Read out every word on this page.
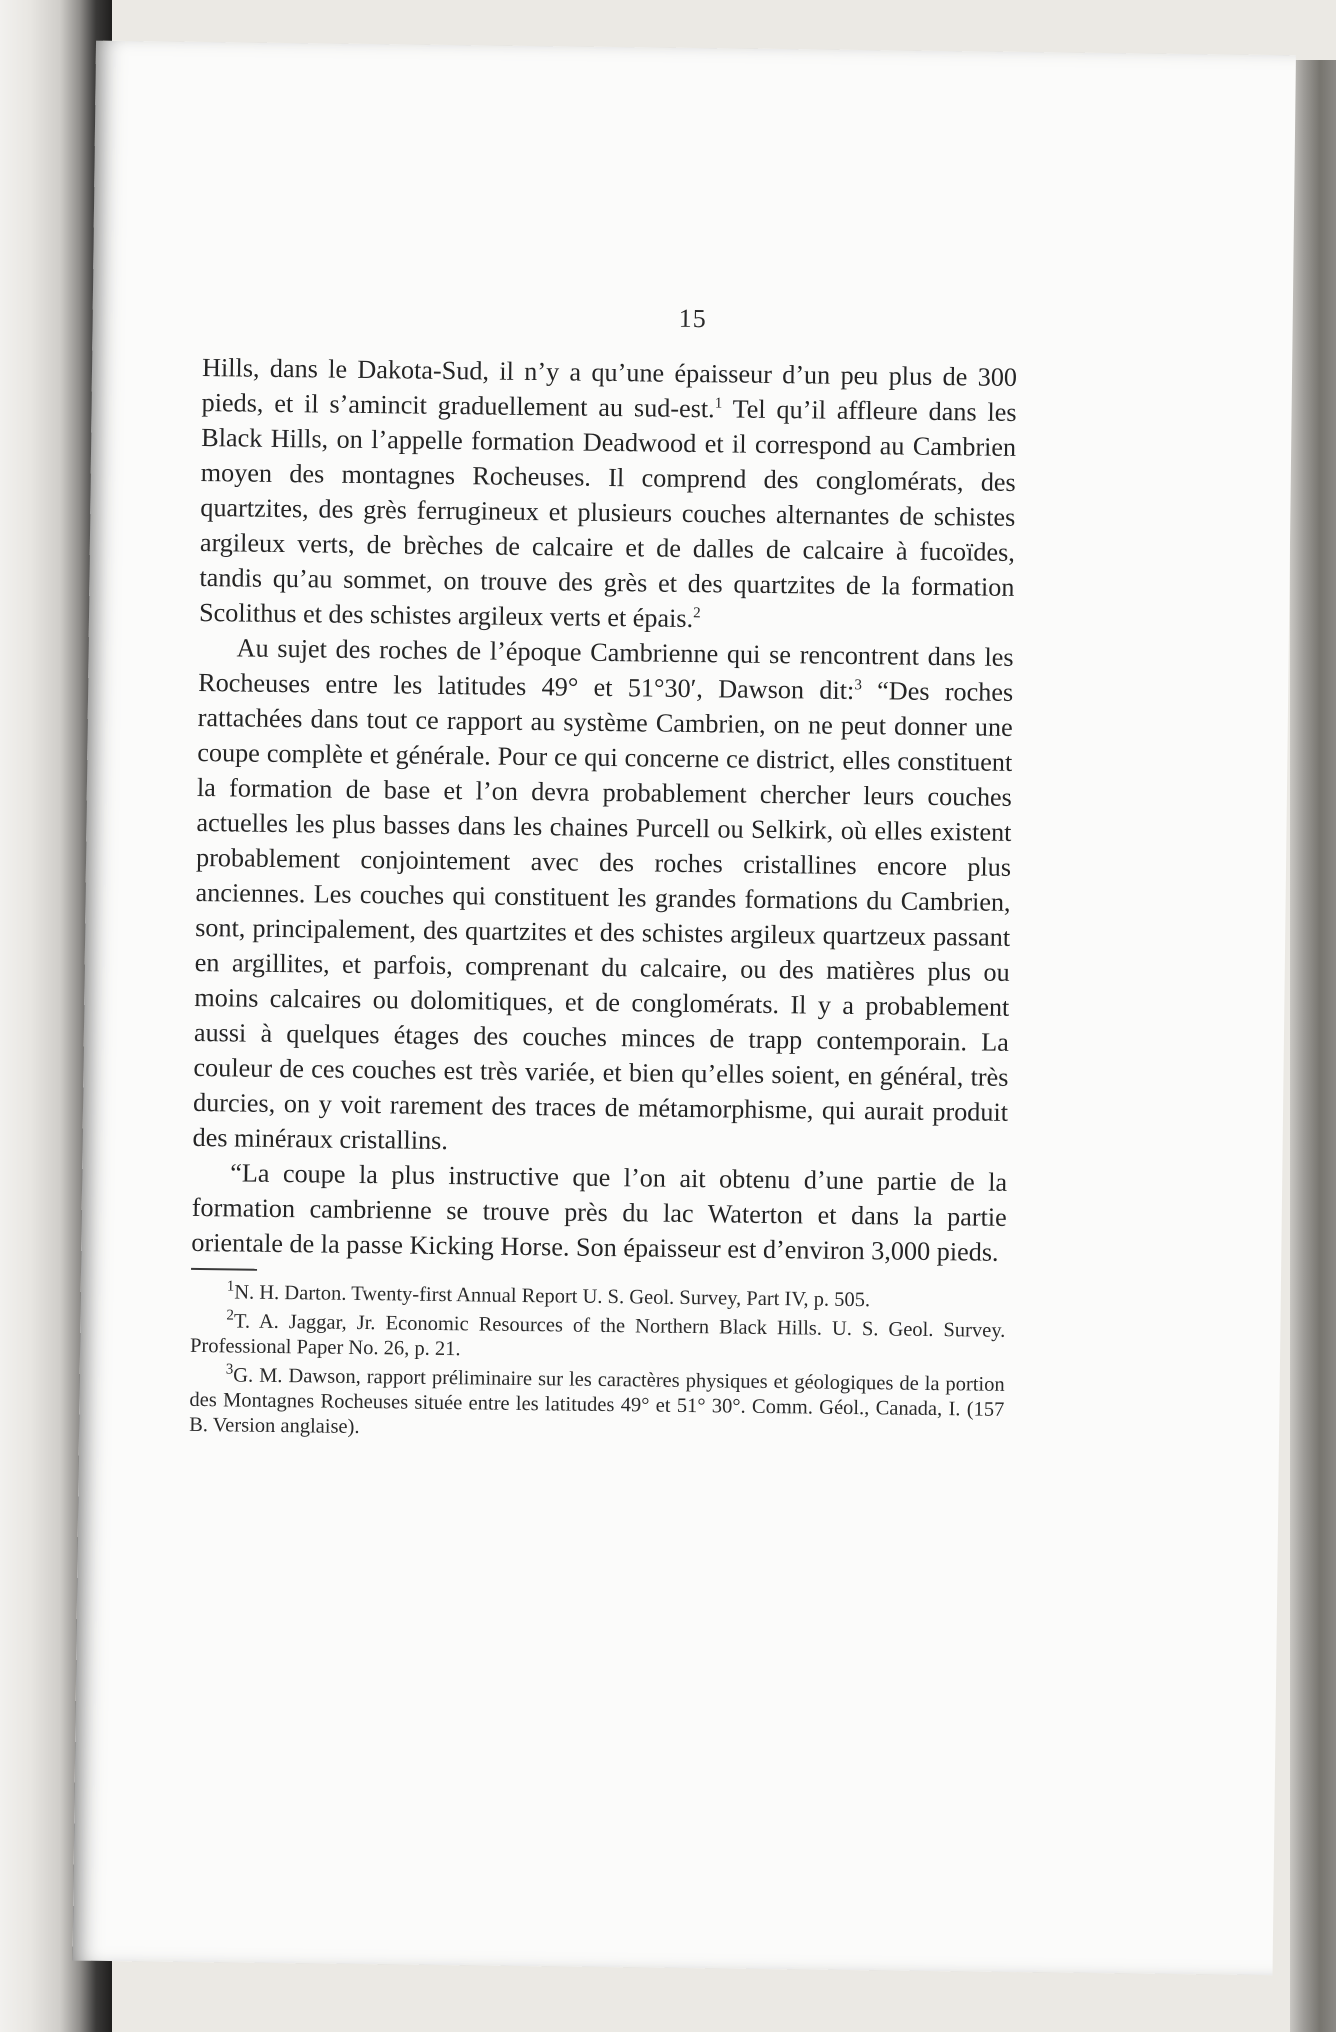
15

Hills, dans le Dakota-Sud, il n’y a qu’une épaisseur d’un peu plus de 300 pieds, et il s’amincit graduellement au sud-est.$^1$ Tel qu’il affleure dans les Black Hills, on l’appelle formation Deadwood et il correspond au Cambrien moyen des montagnes Rocheuses. Il comprend des conglomérats, des quartzites, des grès ferrugineux et plusieurs couches alternantes de schistes argileux verts, de brèches de calcaire et de dalles de calcaire à fucoïdes, tandis qu’au sommet, on trouve des grès et des quartzites de la formation Scolithus et des schistes argileux verts et épais.$^2$

Au sujet des roches de l’époque Cambrienne qui se rencontrent dans les Rocheuses entre les latitudes 49° et 51°30′, Dawson dit:$^3$ “Des roches rattachées dans tout ce rapport au système Cambrien, on ne peut donner une coupe complète et générale. Pour ce qui concerne ce district, elles constituent la formation de base et l’on devra probablement chercher leurs couches actuelles les plus basses dans les chaines Purcell ou Selkirk, où elles existent probablement conjointement avec des roches cristallines encore plus anciennes. Les couches qui constituent les grandes formations du Cambrien, sont, principalement, des quartzites et des schistes argileux quartzeux passant en argillites, et parfois, comprenant du calcaire, ou des matières plus ou moins calcaires ou dolomitiques, et de conglomérats. Il y a probablement aussi à quelques étages des couches minces de trapp contemporain. La couleur de ces couches est très variée, et bien qu’elles soient, en général, très durcies, on y voit rarement des traces de métamorphisme, qui aurait produit des minéraux cristallins.

“La coupe la plus instructive que l’on ait obtenu d’une partie de la formation cambrienne se trouve près du lac Waterton et dans la partie orientale de la passe Kicking Horse. Son épaisseur est d’environ 3,000 pieds.

$^1$N. H. Darton. Twenty-first Annual Report U. S. Geol. Survey, Part IV, p. 505.

$^2$T. A. Jaggar, Jr. Economic Resources of the Northern Black Hills. U. S. Geol. Survey. Professional Paper No. 26, p. 21.

$^3$G. M. Dawson, rapport préliminaire sur les caractères physiques et géologiques de la portion des Montagnes Rocheuses située entre les latitudes 49° et 51° 30°. Comm. Géol., Canada, I. (157 B. Version anglaise).
